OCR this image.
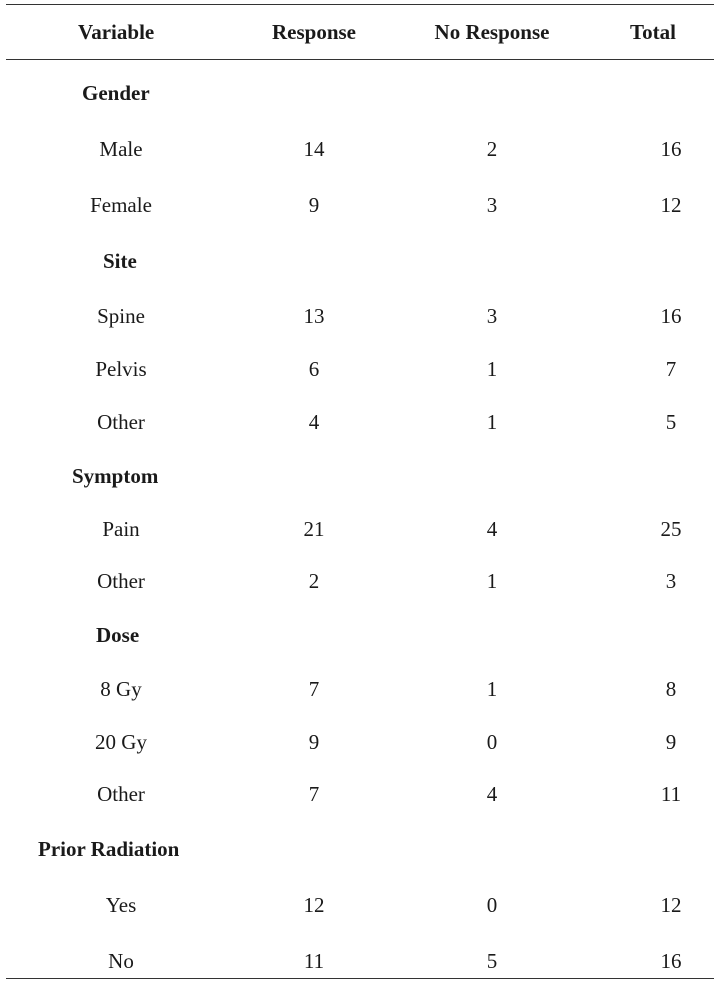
Variable	Response	No Response	Total

Gender			
Male	14	2	16
Female	9	3	12
Site			
Spine	13	3	16
Pelvis	6	1	7
Other	4	1	5
Symptom			
Pain	21	4	25
Other	2	1	3
Dose			
8 Gy	7	1	8
20 Gy	9	0	9
Other	7	4	11
Prior Radiation			
Yes	12	0	12
No	11	5	16
